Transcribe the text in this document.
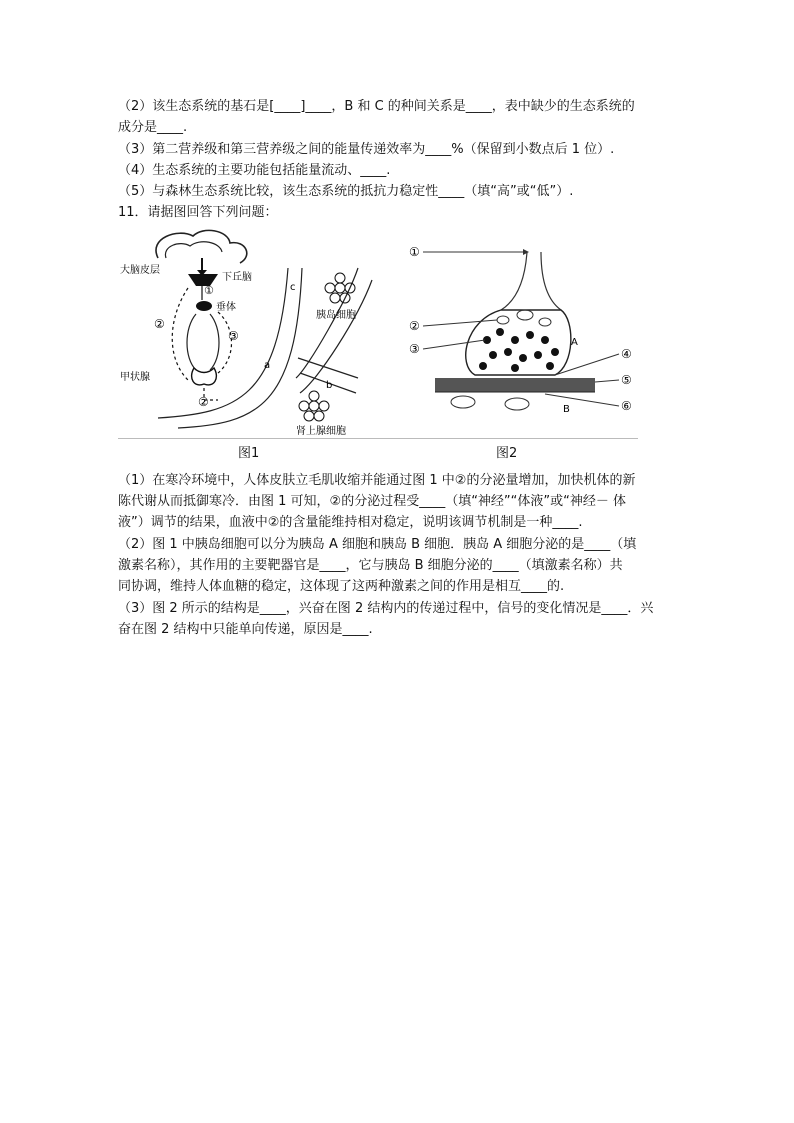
（2）该生态系统的基石是[____]____，B 和 C 的种间关系是____，表中缺少的生态系统的
成分是____.
（3）第二营养级和第三营养级之间的能量传递效率为____%（保留到小数点后 1 位）.
（4）生态系统的主要功能包括能量流动、____.
（5）与森林生态系统比较，该生态系统的抵抗力稳定性____（填“高”或“低”）.
11．请据图回答下列问题：
大脑皮层
下丘脑
①
垂体
②
③
甲状腺
②
a
b
c
胰岛细胞
肾上腺细胞
①
②
③	A
B
④
⑤
⑥
图1	图2
（1）在寒冷环境中，人体皮肤立毛肌收缩并能通过图 1 中②的分泌量增加，加快机体的新
陈代谢从而抵御寒冷．由图 1 可知，②的分泌过程受____（填“神经”“体液”或“神经－ 体
液”）调节的结果，血液中②的含量能维持相对稳定，说明该调节机制是一种____.
（2）图 1 中胰岛细胞可以分为胰岛 A 细胞和胰岛 B 细胞．胰岛 A 细胞分泌的是____（填
激素名称），其作用的主要靶器官是____，它与胰岛 B 细胞分泌的____（填激素名称）共
同协调，维持人体血糖的稳定，这体现了这两种激素之间的作用是相互____的.
（3）图 2 所示的结构是____，兴奋在图 2 结构内的传递过程中，信号的变化情况是____．兴
奋在图 2 结构中只能单向传递，原因是____.
